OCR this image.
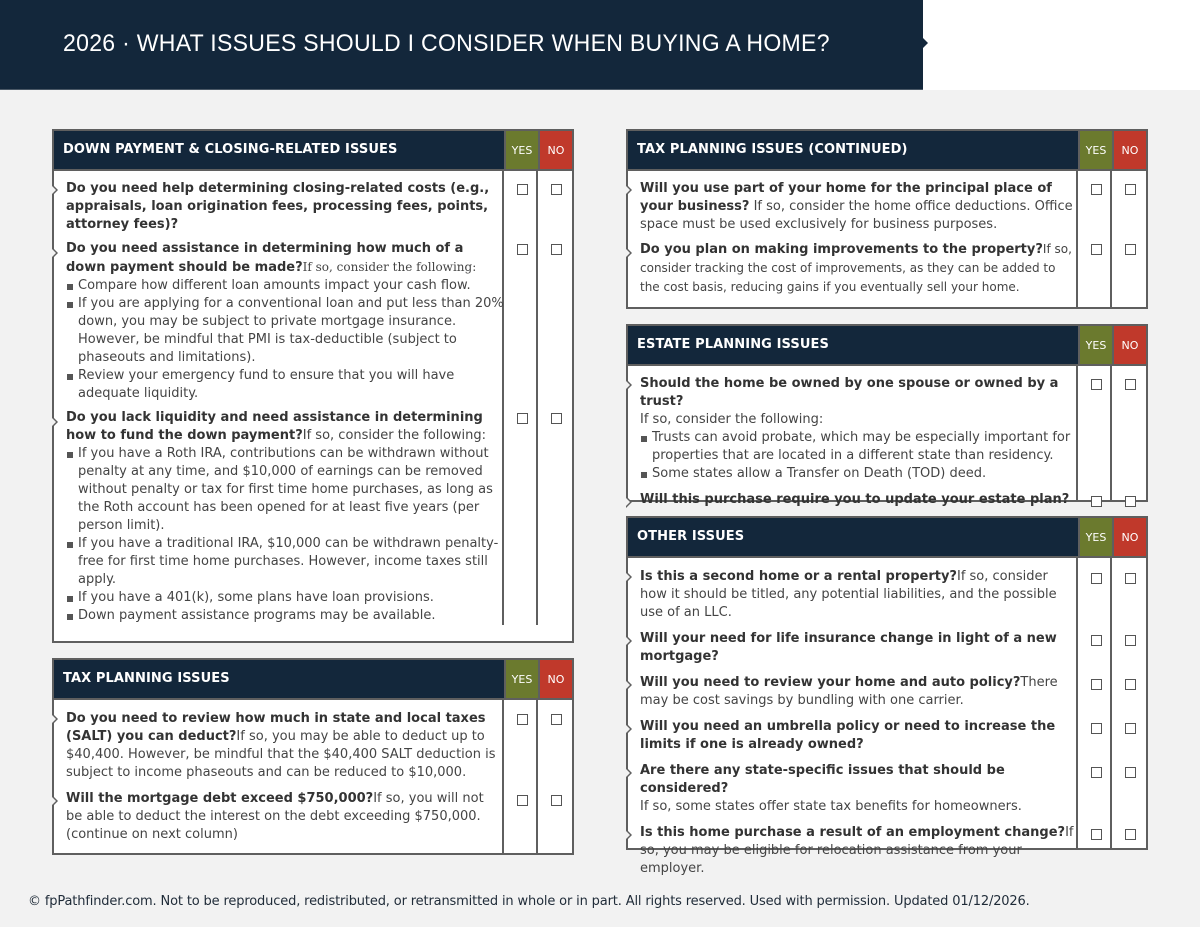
2026 · WHAT ISSUES SHOULD I CONSIDER WHEN BUYING A HOME?
DOWN PAYMENT & CLOSING-RELATED ISSUES	YES	NO
Do you need help determining closing-related costs (e.g., appraisals, loan origination fees, processing fees, points, attorney fees)?
Do you need assistance in determining how much of a down payment should be made?If so, consider the following:
Compare how different loan amounts impact your cash flow.
If you are applying for a conventional loan and put less than 20% down, you may be subject to private mortgage insurance. However, be mindful that PMI is tax-deductible (subject to phaseouts and limitations).
Review your emergency fund to ensure that you will have adequate liquidity.
Do you lack liquidity and need assistance in determining how to fund the down payment?If so, consider the following:
If you have a Roth IRA, contributions can be withdrawn without penalty at any time, and $10,000 of earnings can be removed without penalty or tax for first time home purchases, as long as the Roth account has been opened for at least five years (per person limit).
If you have a traditional IRA, $10,000 can be withdrawn penalty-free for first time home purchases. However, income taxes still apply.
If you have a 401(k), some plans have loan provisions.
Down payment assistance programs may be available.
TAX PLANNING ISSUES	YES	NO
Do you need to review how much in state and local taxes (SALT) you can deduct?If so, you may be able to deduct up to $40,400. However, be mindful that the $40,400 SALT deduction is subject to income phaseouts and can be reduced to $10,000.
Will the mortgage debt exceed $750,000?If so, you will not be able to deduct the interest on the debt exceeding $750,000. (continue on next column)
TAX PLANNING ISSUES (CONTINUED)	YES	NO
Will you use part of your home for the principal place of your business? If so, consider the home office deductions. Office space must be used exclusively for business purposes.
Do you plan on making improvements to the property?If so, consider tracking the cost of improvements, as they can be added to the cost basis, reducing gains if you eventually sell your home.
ESTATE PLANNING ISSUES	YES	NO
Should the home be owned by one spouse or owned by a trust?
If so, consider the following:
Trusts can avoid probate, which may be especially important for properties that are located in a different state than residency.
Some states allow a Transfer on Death (TOD) deed.
Will this purchase require you to update your estate plan?
OTHER ISSUES	YES	NO
Is this a second home or a rental property?If so, consider how it should be titled, any potential liabilities, and the possible use of an LLC.
Will your need for life insurance change in light of a new mortgage?
Will you need to review your home and auto policy?There may be cost savings by bundling with one carrier.
Will you need an umbrella policy or need to increase the limits if one is already owned?
Are there any state-specific issues that should be considered?
If so, some states offer state tax benefits for homeowners.
Is this home purchase a result of an employment change?If so, you may be eligible for relocation assistance from your employer.
© fpPathfinder.com. Not to be reproduced, redistributed, or retransmitted in whole or in part. All rights reserved. Used with permission. Updated 01/12/2026.
